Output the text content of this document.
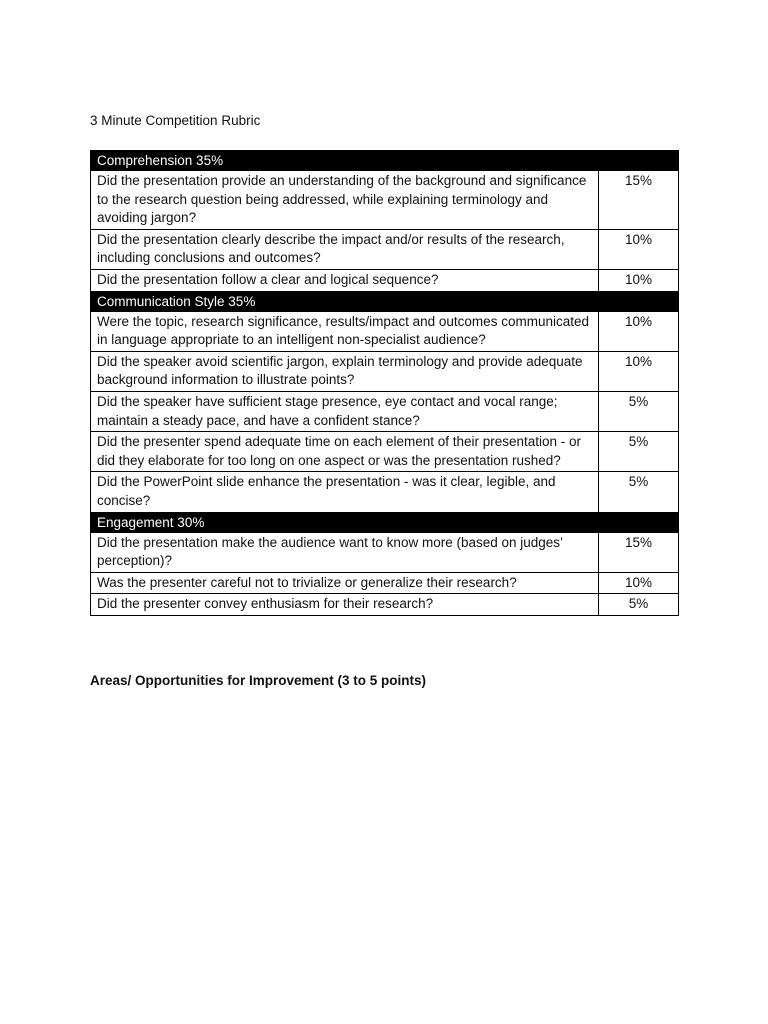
3 Minute Competition Rubric
Comprehension 35%	
Did the presentation provide an understanding of the background and significance to the research question being addressed, while explaining terminology and avoiding jargon?	15%
Did the presentation clearly describe the impact and/or results of the research, including conclusions and outcomes?	10%
Did the presentation follow a clear and logical sequence?	10%
Communication Style 35%	
Were the topic, research significance, results/impact and outcomes communicated in language appropriate to an intelligent non-specialist audience?	10%
Did the speaker avoid scientific jargon, explain terminology and provide adequate background information to illustrate points?	10%
Did the speaker have sufficient stage presence, eye contact and vocal range; maintain a steady pace, and have a confident stance?	5%
Did the presenter spend adequate time on each element of their presentation - or did they elaborate for too long on one aspect or was the presentation rushed?	5%
Did the PowerPoint slide enhance the presentation - was it clear, legible, and concise?	5%
Engagement 30%	
Did the presentation make the audience want to know more (based on judges’ perception)?	15%
Was the presenter careful not to trivialize or generalize their research?	10%
Did the presenter convey enthusiasm for their research?	5%
Areas/ Opportunities for Improvement (3 to 5 points)
